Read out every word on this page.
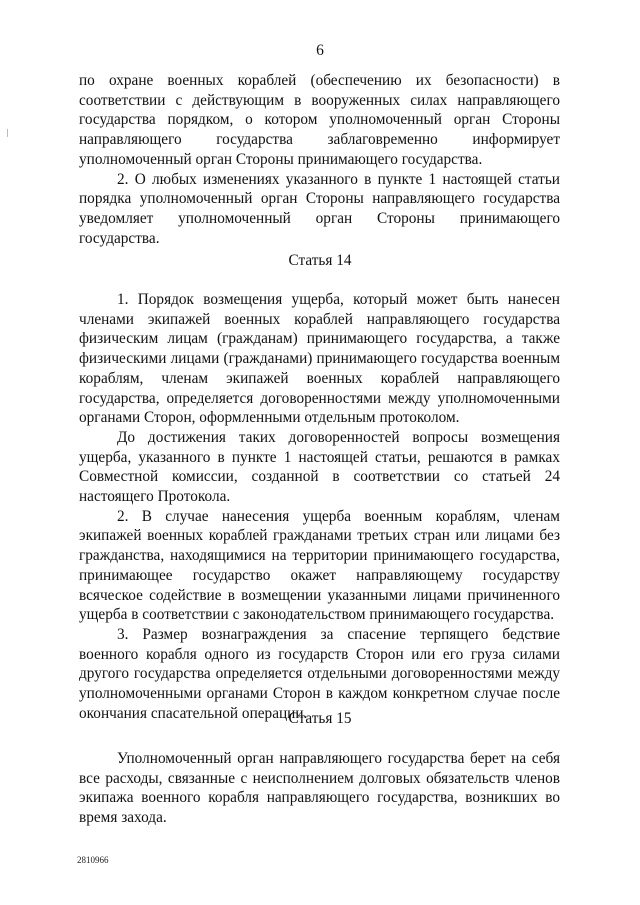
6

по охране военных кораблей (обеспечению их безопасности) в соответствии с действующим в вооруженных силах направляющего государства порядком, о котором уполномоченный орган Стороны направляющего государства заблаговременно информирует уполномоченный орган Стороны принимающего государства.

2. О любых изменениях указанного в пункте 1 настоящей статьи порядка уполномоченный орган Стороны направляющего государства уведомляет уполномоченный орган Стороны принимающего государства.

Статья 14

1. Порядок возмещения ущерба, который может быть нанесен членами экипажей военных кораблей направляющего государства физическим лицам (гражданам) принимающего государства, а также физическими лицами (гражданами) принимающего государства военным кораблям, членам экипажей военных кораблей направляющего государства, определяется договоренностями между уполномоченными органами Сторон, оформленными отдельным протоколом.

До достижения таких договоренностей вопросы возмещения ущерба, указанного в пункте 1 настоящей статьи, решаются в рамках Совместной комиссии, созданной в соответствии со статьей 24 настоящего Протокола.

2. В случае нанесения ущерба военным кораблям, членам экипажей военных кораблей гражданами третьих стран или лицами без гражданства, находящимися на территории принимающего государства, принимающее государство окажет направляющему государству всяческое содействие в возмещении указанными лицами причиненного ущерба в соответствии с законодательством принимающего государства.

3. Размер вознаграждения за спасение терпящего бедствие военного корабля одного из государств Сторон или его груза силами другого государства определяется отдельными договоренностями между уполномоченными органами Сторон в каждом конкретном случае после окончания спасательной операции.

Статья 15

Уполномоченный орган направляющего государства берет на себя все расходы, связанные с неисполнением долговых обязательств членов экипажа военного корабля направляющего государства, возникших во время захода.

2810966
